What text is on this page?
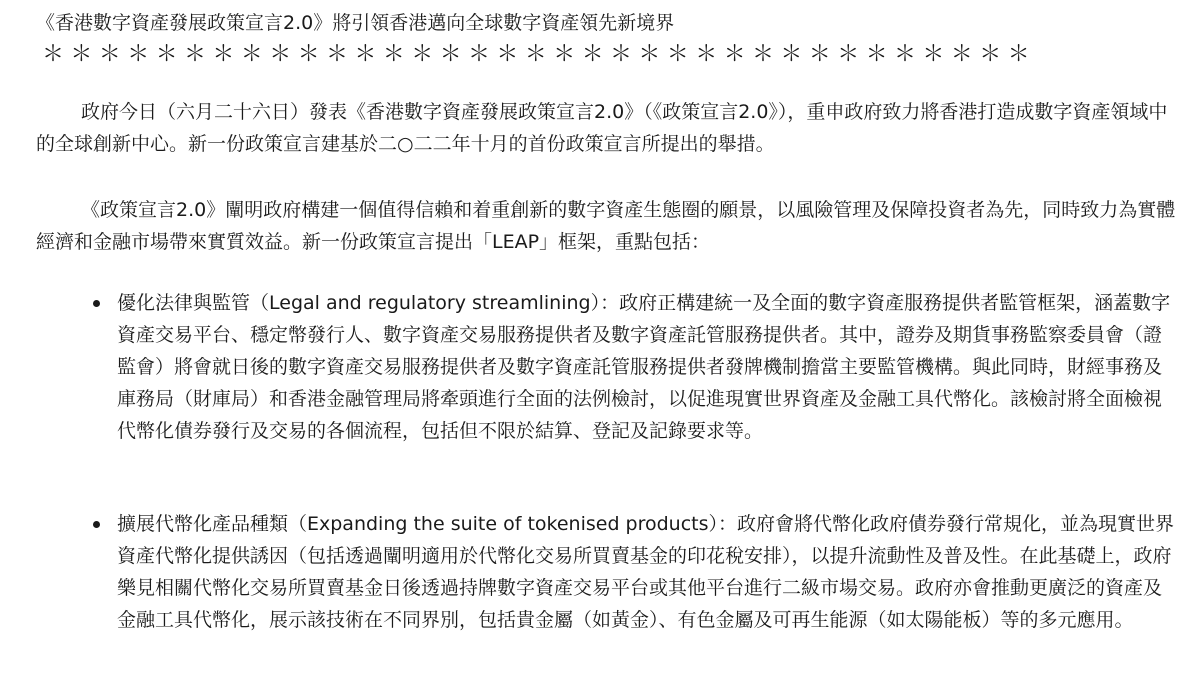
《香港數字資產發展政策宣言2.0》將引領香港邁向全球數字資產領先新境界
＊＊＊＊＊＊＊＊＊＊＊＊＊＊＊＊＊＊＊＊＊＊＊＊＊＊＊＊＊＊＊＊＊＊＊

政府今日（六月二十六日）發表《香港數字資產發展政策宣言2.0》（《政策宣言2.0》），重申政府致力將香港打造成數字資產領域中的全球創新中心。新一份政策宣言建基於二○二二年十月的首份政策宣言所提出的舉措。

《政策宣言2.0》闡明政府構建一個值得信賴和着重創新的數字資產生態圈的願景，以風險管理及保障投資者為先，同時致力為實體經濟和金融市場帶來實質效益。新一份政策宣言提出「LEAP」框架，重點包括：

優化法律與監管（Legal and regulatory streamlining）：政府正構建統一及全面的數字資產服務提供者監管框架，涵蓋數字資產交易平台、穩定幣發行人、數字資產交易服務提供者及數字資產託管服務提供者。其中，證券及期貨事務監察委員會（證監會）將會就日後的數字資產交易服務提供者及數字資產託管服務提供者發牌機制擔當主要監管機構。與此同時，財經事務及庫務局（財庫局）和香港金融管理局將牽頭進行全面的法例檢討，以促進現實世界資產及金融工具代幣化。該檢討將全面檢視代幣化債券發行及交易的各個流程，包括但不限於結算、登記及記錄要求等。
擴展代幣化產品種類（Expanding the suite of tokenised products）：政府會將代幣化政府債券發行常規化，並為現實世界資產代幣化提供誘因（包括透過闡明適用於代幣化交易所買賣基金的印花稅安排），以提升流動性及普及性。在此基礎上，政府樂見相關代幣化交易所買賣基金日後透過持牌數字資產交易平台或其他平台進行二級市場交易。政府亦會推動更廣泛的資產及金融工具代幣化，展示該技術在不同界別，包括貴金屬（如黃金）、有色金屬及可再生能源（如太陽能板）等的多元應用。
